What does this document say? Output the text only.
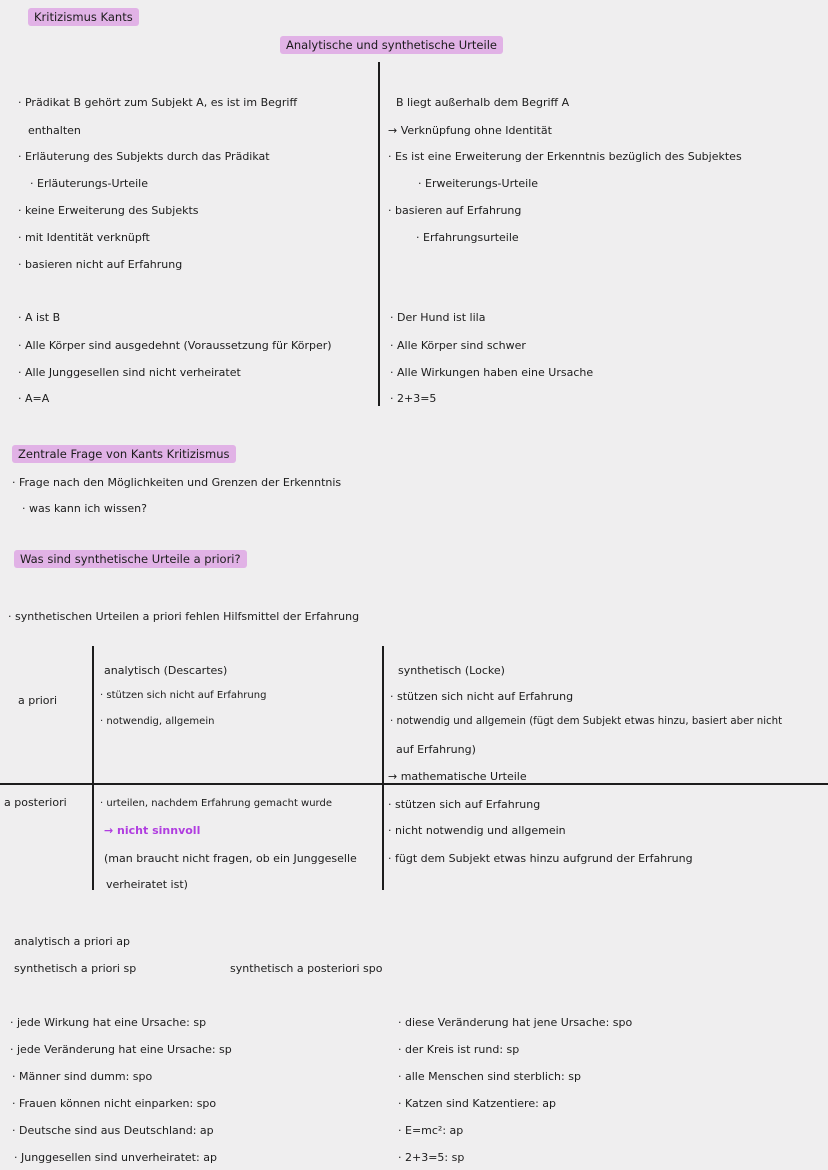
Kritizismus Kants
Analytische und synthetische Urteile
· Prädikat B gehört zum Subjekt A, es ist im Begriff
enthalten
· Erläuterung des Subjekts durch das Prädikat
· Erläuterungs-Urteile
· keine Erweiterung des Subjekts
· mit Identität verknüpft
· basieren nicht auf Erfahrung
B liegt außerhalb dem Begriff A
→ Verknüpfung ohne Identität
· Es ist eine Erweiterung der Erkenntnis bezüglich des Subjektes
· Erweiterungs-Urteile
· basieren auf Erfahrung
· Erfahrungsurteile
· A ist B
· Alle Körper sind ausgedehnt (Voraussetzung für Körper)
· Alle Junggesellen sind nicht verheiratet
· A=A
· Der Hund ist lila
· Alle Körper sind schwer
· Alle Wirkungen haben eine Ursache
· 2+3=5
Zentrale Frage von Kants Kritizismus
· Frage nach den Möglichkeiten und Grenzen der Erkenntnis
· was kann ich wissen?
Was sind synthetische Urteile a priori?
· synthetischen Urteilen a priori fehlen Hilfsmittel der Erfahrung
a priori
a posteriori
analytisch (Descartes)	synthetisch (Locke)
· stützen sich nicht auf Erfahrung
· notwendig, allgemein
· stützen sich nicht auf Erfahrung
· notwendig und allgemein (fügt dem Subjekt etwas hinzu, basiert aber nicht
auf Erfahrung)
→ mathematische Urteile
· urteilen, nachdem Erfahrung gemacht wurde
→ nicht sinnvoll
(man braucht nicht fragen, ob ein Junggeselle
verheiratet ist)
· stützen sich auf Erfahrung
· nicht notwendig und allgemein
· fügt dem Subjekt etwas hinzu aufgrund der Erfahrung
analytisch a priori ap
synthetisch a priori sp	synthetisch a posteriori spo
· jede Wirkung hat eine Ursache: sp
· jede Veränderung hat eine Ursache: sp
· Männer sind dumm: spo
· Frauen können nicht einparken: spo
· Deutsche sind aus Deutschland: ap
· Junggesellen sind unverheiratet: ap
· diese Veränderung hat jene Ursache: spo
· der Kreis ist rund: sp
· alle Menschen sind sterblich: sp
· Katzen sind Katzentiere: ap
· E=mc²: ap
· 2+3=5: sp
